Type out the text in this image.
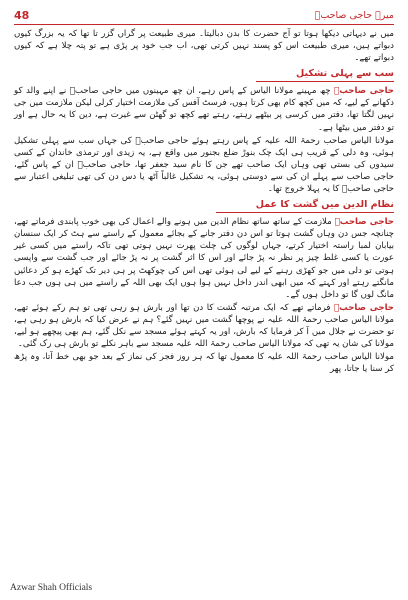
48	میرے حاجی صاحبؒ

میں نے دیہاتی دیکھا ہوتا تو آج حضرت کا بدن دبالیتا۔ میری طبیعت پر گراں گزر تا تھا کہ یہ بزرگ کیوں دبواتے ہیں، میری طبیعت اس کو پسند نہیں کرتی تھی، اب جب خود پر پڑی ہے تو پتہ چلا ہے کہ کیوں دبواتے تھے۔

سب سے پہلی تشکیل

حاجی صاحبؒ چھ مہینے مولانا الیاس کے پاس رہے، ان چھ مہینوں میں حاجی صاحبؒ نے اپنے والد کو دکھانے کے لیے، کہ میں کچھ کام بھی کرتا ہوں، فرسٹ آفس کی ملازمت اختیار کرلی لیکن ملازمت میں جی نہیں لگتا تھا، دفتر میں کرسی پر بیٹھے رہتے، رہتے تھے کچھ تو گھٹن سے غیرت ہے، دین کا یہ حال ہے اور تو دفتر میں بیٹھا ہے۔

مولانا الیاس صاحب رحمۃ اللہ علیہ کے پاس رہتے ہوئے حاجی صاحبؒ کی جہاں سب سے پہلی تشکیل ہوئی، وہ دلی کے قریب ہی ایک چک بنوڑ ضلع بجنور میں واقع ہے، یہ زیدی اور ترمذی خاندان کے کسی سیدوں کی بستی تھی وہاں ایک صاحب تھے جن کا نام سید جعفر تھا، حاجی صاحبؒ ان کے پاس گئے، حاجی صاحب سے پہلے ان کی سے دوستی ہوئی، یہ تشکیل غالباً آٹھ یا دس دن کی تھی تبلیغی اعتبار سے حاجی صاحبؒ کا یہ پہلا خروج تھا۔

نظام الدین میں گشت کا عمل

حاجی صاحبؒ ملازمت کے ساتھ ساتھ نظام الدین میں ہونے والے اعمال کی بھی خوب پابندی فرماتے تھے، چنانچہ جس دن وہاں گشت ہوتا تو اس دن دفتر جانے کے بجائے معمول کے راستے سے ہٹ کر ایک سنسان بیابان لمبا راستہ اختیار کرتے، جہاں لوگوں کی چلت پھرت نہیں ہوتی تھی تاکہ راستے میں کسی غیر عورت یا کسی غلط چیز پر نظر نہ پڑ جائے اور اس کا اثر گشت پر نہ پڑ جائے اور جب گشت سے واپسی ہوتی تو دلی میں جو کھڑی رہنے کے لیے لی ہوئی تھی اس کی چوکھٹ پر ہی دیر تک کھڑے ہو کر دعائیں مانگتے رہتے اور کہتے کہ میں ابھی اندر داخل نہیں ہوا ہوں ایک بھی اللہ کے راستے میں ہی ہوں جب دعا مانگ لوں گا تو داخل ہوں گے۔

حاجی صاحبؒ فرماتے تھے کہ ایک مرتبہ گشت کا دن تھا اور بارش ہو رہی تھی تو ہم رکے ہوئے تھے، مولانا الیاس صاحب رحمۃ اللہ علیہ نے پوچھا گشت میں نہیں گئے؟ ہم نے عرض کیا کہ بارش ہو رہی ہے، تو حضرت نے جلال میں آ کر فرمایا کہ بارش، اور یہ کہتے ہوئے مسجد سے نکل گئے، ہم بھی پیچھے ہو لیے، مولانا کی شان یہ تھی کہ مولانا الیاس صاحب رحمۃ اللہ علیہ مسجد سے باہر نکلے تو بارش ہی رک گئی۔

مولانا الیاس صاحب رحمۃ اللہ علیہ کا معمول تھا کہ ہر روز فجر کی نماز کے بعد جو بھی خط آتا، وہ پڑھ کر سنا یا جاتا، پھر

Azwar Shah Officials
